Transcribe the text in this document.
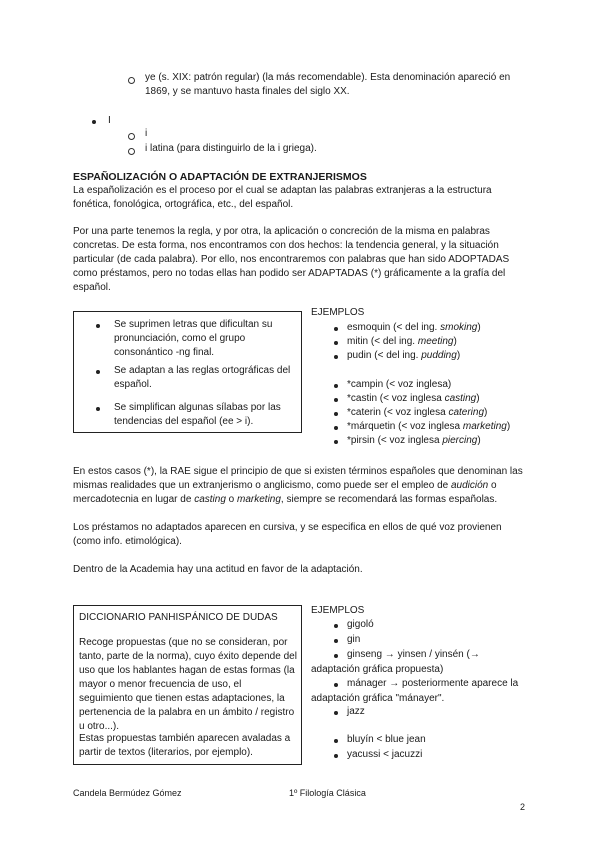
ye (s. XIX: patrón regular) (la más recomendable). Esta denominación apareció en 1869, y se mantuvo hasta finales del siglo XX.

I

i

i latina (para distinguirlo de la i griega).

ESPAÑOLIZACIÓN O ADAPTACIÓN DE EXTRANJERISMOS

La españolización es el proceso por el cual se adaptan las palabras extranjeras a la estructura fonética, fonológica, ortográfica, etc., del español.

Por una parte tenemos la regla, y por otra, la aplicación o concreción de la misma en palabras concretas. De esta forma, nos encontramos con dos hechos: la tendencia general, y la situación particular (de cada palabra). Por ello, nos encontraremos con palabras que han sido ADOPTADAS como préstamos, pero no todas ellas han podido ser ADAPTADAS (*) gráficamente a la grafía del español.

Se suprimen letras que dificultan su pronunciación, como el grupo consonántico -ng final.

Se adaptan a las reglas ortográficas del español.

Se simplifican algunas sílabas por las tendencias del español (ee > i).

EJEMPLOS

esmoquin (< del ing. smoking)

mitin (< del ing. meeting)

pudin (< del ing. pudding)

*campin (< voz inglesa)

*castin (< voz inglesa casting)

*caterin (< voz inglesa catering)

*márquetin (< voz inglesa marketing)

*pirsin (< voz inglesa piercing)

En estos casos (*), la RAE sigue el principio de que si existen términos españoles que denominan las mismas realidades que un extranjerismo o anglicismo, como puede ser el empleo de audición o mercadotecnia en lugar de casting o marketing, siempre se recomendará las formas españolas.

Los préstamos no adaptados aparecen en cursiva, y se especifica en ellos de qué voz provienen (como info. etimológica).

Dentro de la Academia hay una actitud en favor de la adaptación.

DICCIONARIO PANHISPÁNICO DE DUDAS

Recoge propuestas (que no se consideran, por tanto, parte de la norma), cuyo éxito depende del uso que los hablantes hagan de estas formas (la mayor o menor frecuencia de uso, el seguimiento que tienen estas adaptaciones, la pertenencia de la palabra en un ámbito / registro u otro...).

Estas propuestas también aparecen avaladas a partir de textos (literarios, por ejemplo).

EJEMPLOS

gigoló

gin

ginseng → yinsen / yinsén (→

adaptación gráfica propuesta)

mánager → posteriormente aparece la

adaptación gráfica "mánayer".

jazz

bluyín < blue jean

yacussi < jacuzzi

Candela Bermúdez Gómez	1º Filología Clásica

2
